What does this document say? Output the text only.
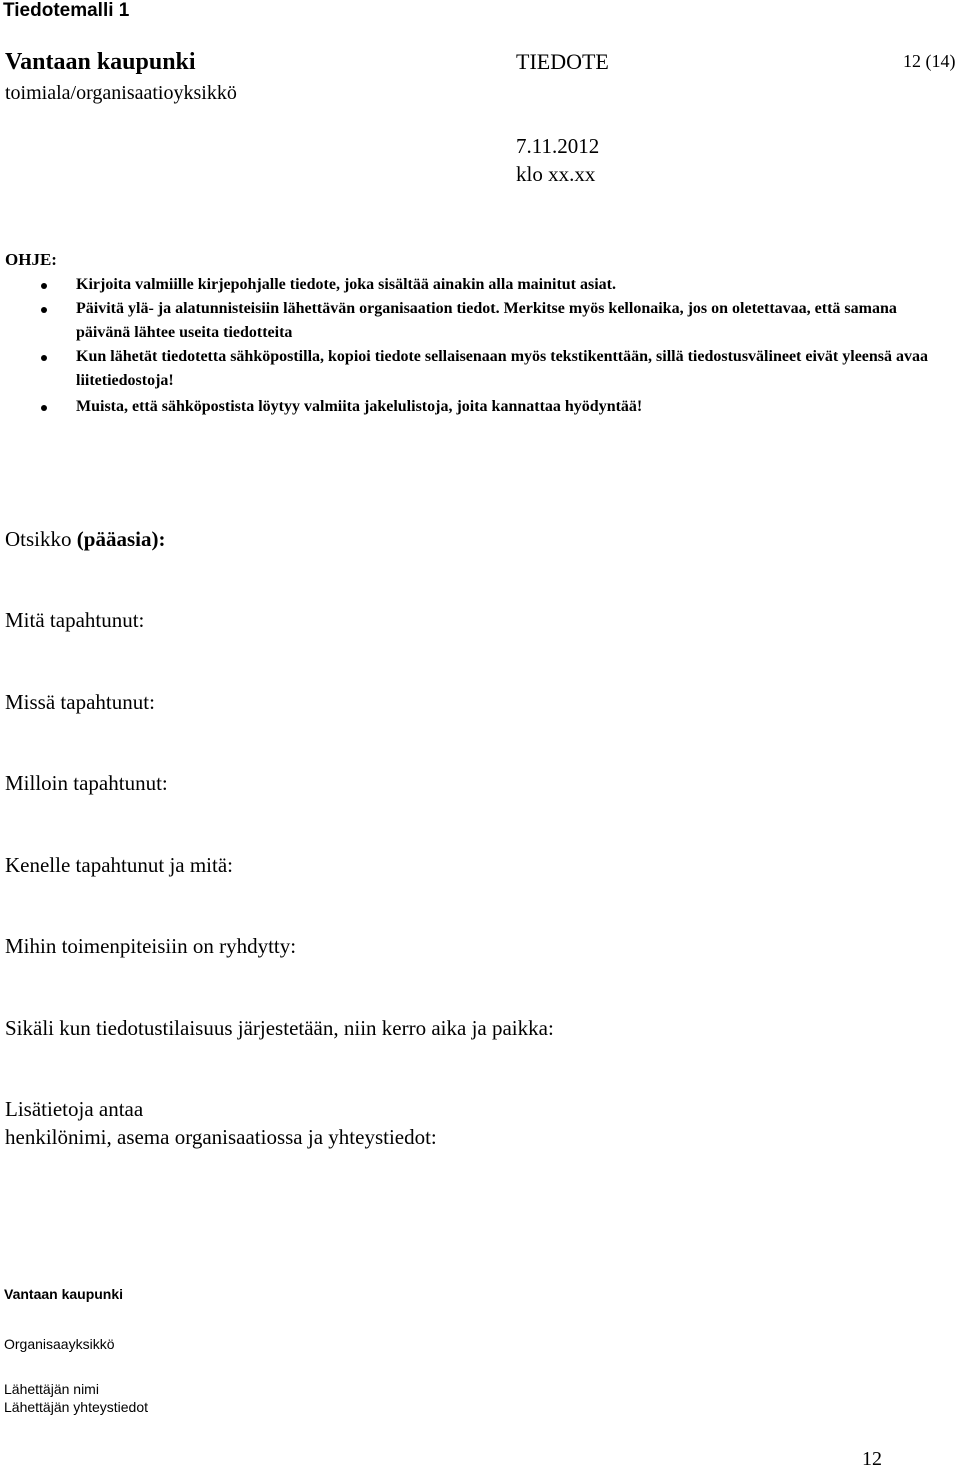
Tiedotemalli 1
Vantaan kaupunki
toimiala/organisaatioyksikkö
TIEDOTE	12 (14)
7.11.2012
klo xx.xx
OHJE:
Kirjoita valmiille kirjepohjalle tiedote, joka sisältää ainakin alla mainitut asiat.
Päivitä ylä- ja alatunnisteisiin lähettävän organisaation tiedot. Merkitse myös kellonaika, jos on oletettavaa, että samana päivänä lähtee useita tiedotteita
Kun lähetät tiedotetta sähköpostilla, kopioi tiedote sellaisenaan myös tekstikenttään, sillä tiedostusvälineet eivät yleensä avaa liitetiedostoja!
Muista, että sähköpostista löytyy valmiita jakelulistoja, joita kannattaa hyödyntää!
Otsikko (pääasia):
Mitä tapahtunut:
Missä tapahtunut:
Milloin tapahtunut:
Kenelle tapahtunut ja mitä:
Mihin toimenpiteisiin on ryhdytty:
Sikäli kun tiedotustilaisuus järjestetään, niin kerro aika ja paikka:
Lisätietoja antaa
henkilönimi, asema organisaatiossa ja yhteystiedot:
Vantaan kaupunki
Organisaayksikkö
Lähettäjän nimi
Lähettäjän yhteystiedot
12
